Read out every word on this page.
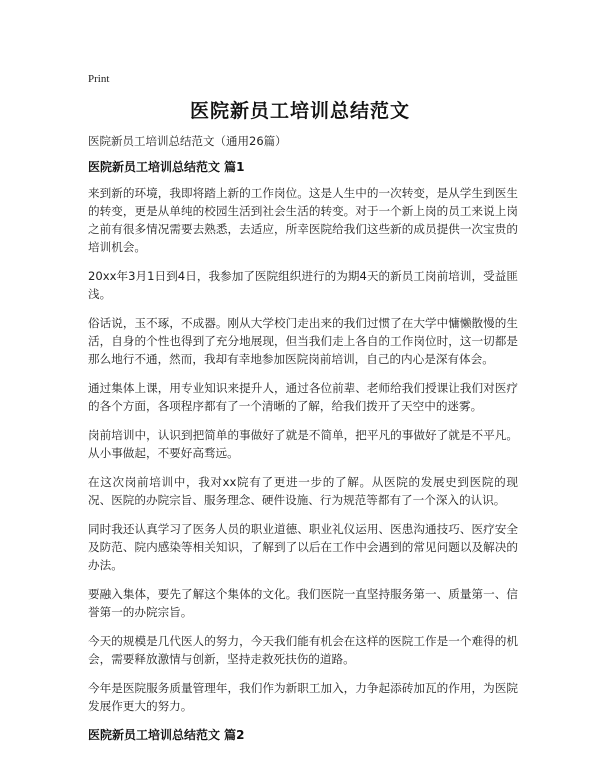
Print
医院新员工培训总结范文
医院新员工培训总结范文（通用26篇）
医院新员工培训总结范文 篇1

来到新的环境，我即将踏上新的工作岗位。这是人生中的一次转变，是从学生到医生的转变，更是从单纯的校园生活到社会生活的转变。对于一个新上岗的员工来说上岗之前有很多情况需要去熟悉，去适应，所幸医院给我们这些新的成员提供一次宝贵的培训机会。

20xx年3月1日到4日，我参加了医院组织进行的为期4天的新员工岗前培训，受益匪浅。

俗话说，玉不琢，不成器。刚从大学校门走出来的我们过惯了在大学中慵懒散慢的生活，自身的个性也得到了充分地展现，但当我们走上各自的工作岗位时，这一切都是那么地行不通，然而，我却有幸地参加医院岗前培训，自己的内心是深有体会。

通过集体上课，用专业知识来提升人，通过各位前辈、老师给我们授课让我们对医疗的各个方面，各项程序都有了一个清晰的了解，给我们拨开了天空中的迷雾。

岗前培训中，认识到把简单的事做好了就是不简单，把平凡的事做好了就是不平凡。从小事做起，不要好高骛远。

在这次岗前培训中，我对xx院有了更进一步的了解。从医院的发展史到医院的现况、医院的办院宗旨、服务理念、硬件设施、行为规范等都有了一个深入的认识。

同时我还认真学习了医务人员的职业道德、职业礼仪运用、医患沟通技巧、医疗安全及防范、院内感染等相关知识，了解到了以后在工作中会遇到的常见问题以及解决的办法。

要融入集体，要先了解这个集体的文化。我们医院一直坚持服务第一、质量第一、信誉第一的办院宗旨。

今天的规模是几代医人的努力，今天我们能有机会在这样的医院工作是一个难得的机会，需要释放激情与创新，坚持走救死扶伤的道路。

今年是医院服务质量管理年，我们作为新职工加入，力争起添砖加瓦的作用，为医院发展作更大的努力。

医院新员工培训总结范文 篇2
